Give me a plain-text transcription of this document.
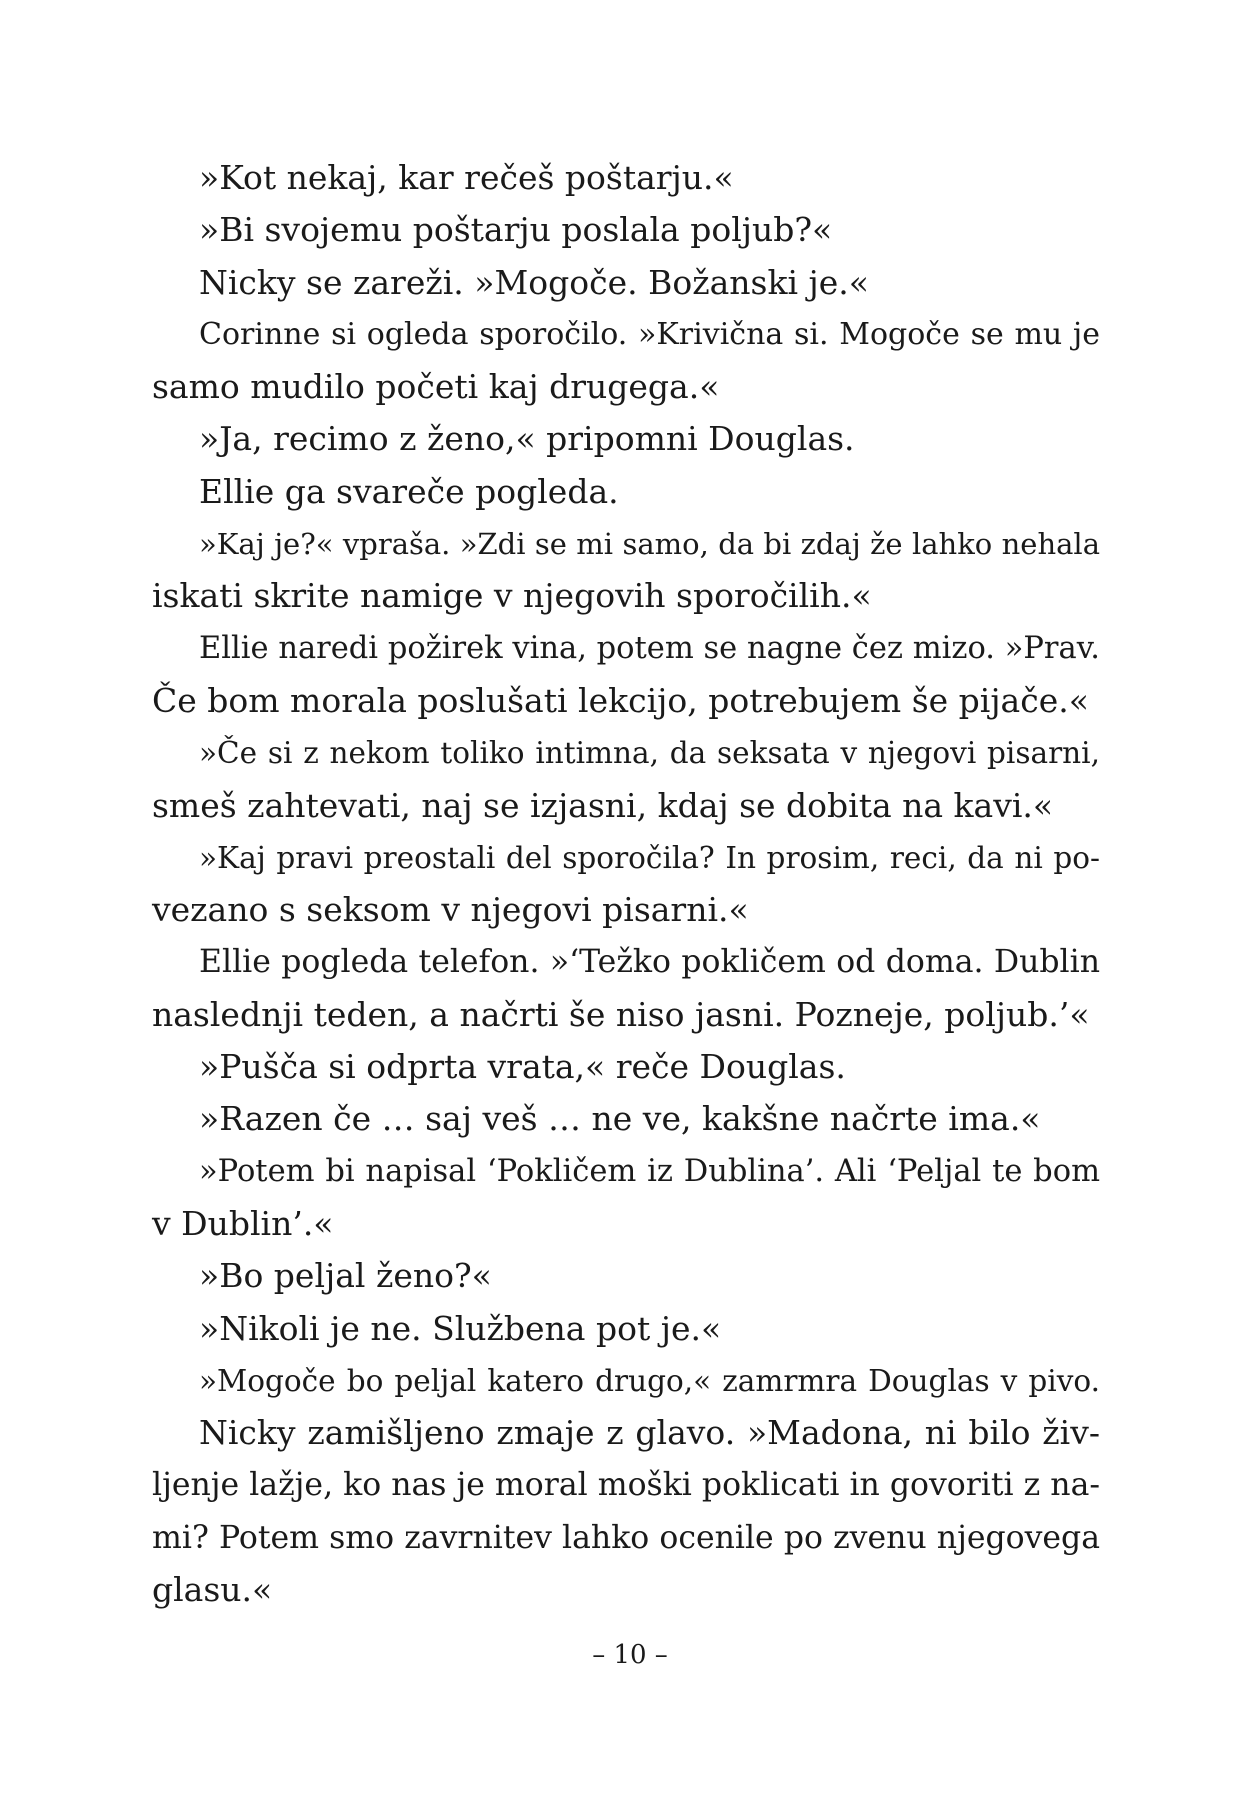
»Kot nekaj, kar rečeš poštarju.«
»Bi svojemu poštarju poslala poljub?«
Nicky se zareži. »Mogoče. Božanski je.«
Corinne si ogleda sporočilo. »Krivična si. Mogoče se mu je
samo mudilo početi kaj drugega.«
»Ja, recimo z ženo,« pripomni Douglas.
Ellie ga svareče pogleda.
»Kaj je?« vpraša. »Zdi se mi samo, da bi zdaj že lahko nehala
iskati skrite namige v njegovih sporočilih.«
Ellie naredi požirek vina, potem se nagne čez mizo. »Prav.
Če bom morala poslušati lekcijo, potrebujem še pijače.«
»Če si z nekom toliko intimna, da seksata v njegovi pisarni,
smeš zahtevati, naj se izjasni, kdaj se dobita na kavi.«
»Kaj pravi preostali del sporočila? In prosim, reci, da ni po-
vezano s seksom v njegovi pisarni.«
Ellie pogleda telefon. »‘Težko pokličem od doma. Dublin
naslednji teden, a načrti še niso jasni. Pozneje, poljub.’«
»Pušča si odprta vrata,« reče Douglas.
»Razen če … saj veš … ne ve, kakšne načrte ima.«
»Potem bi napisal ‘Pokličem iz Dublina’. Ali ‘Peljal te bom
v Dublin’.«
»Bo peljal ženo?«
»Nikoli je ne. Službena pot je.«
»Mogoče bo peljal katero drugo,« zamrmra Douglas v pivo.
Nicky zamišljeno zmaje z glavo. »Madona, ni bilo živ-
ljenje lažje, ko nas je moral moški poklicati in govoriti z na-
mi? Potem smo zavrnitev lahko ocenile po zvenu njegovega
glasu.«
– 10 –
